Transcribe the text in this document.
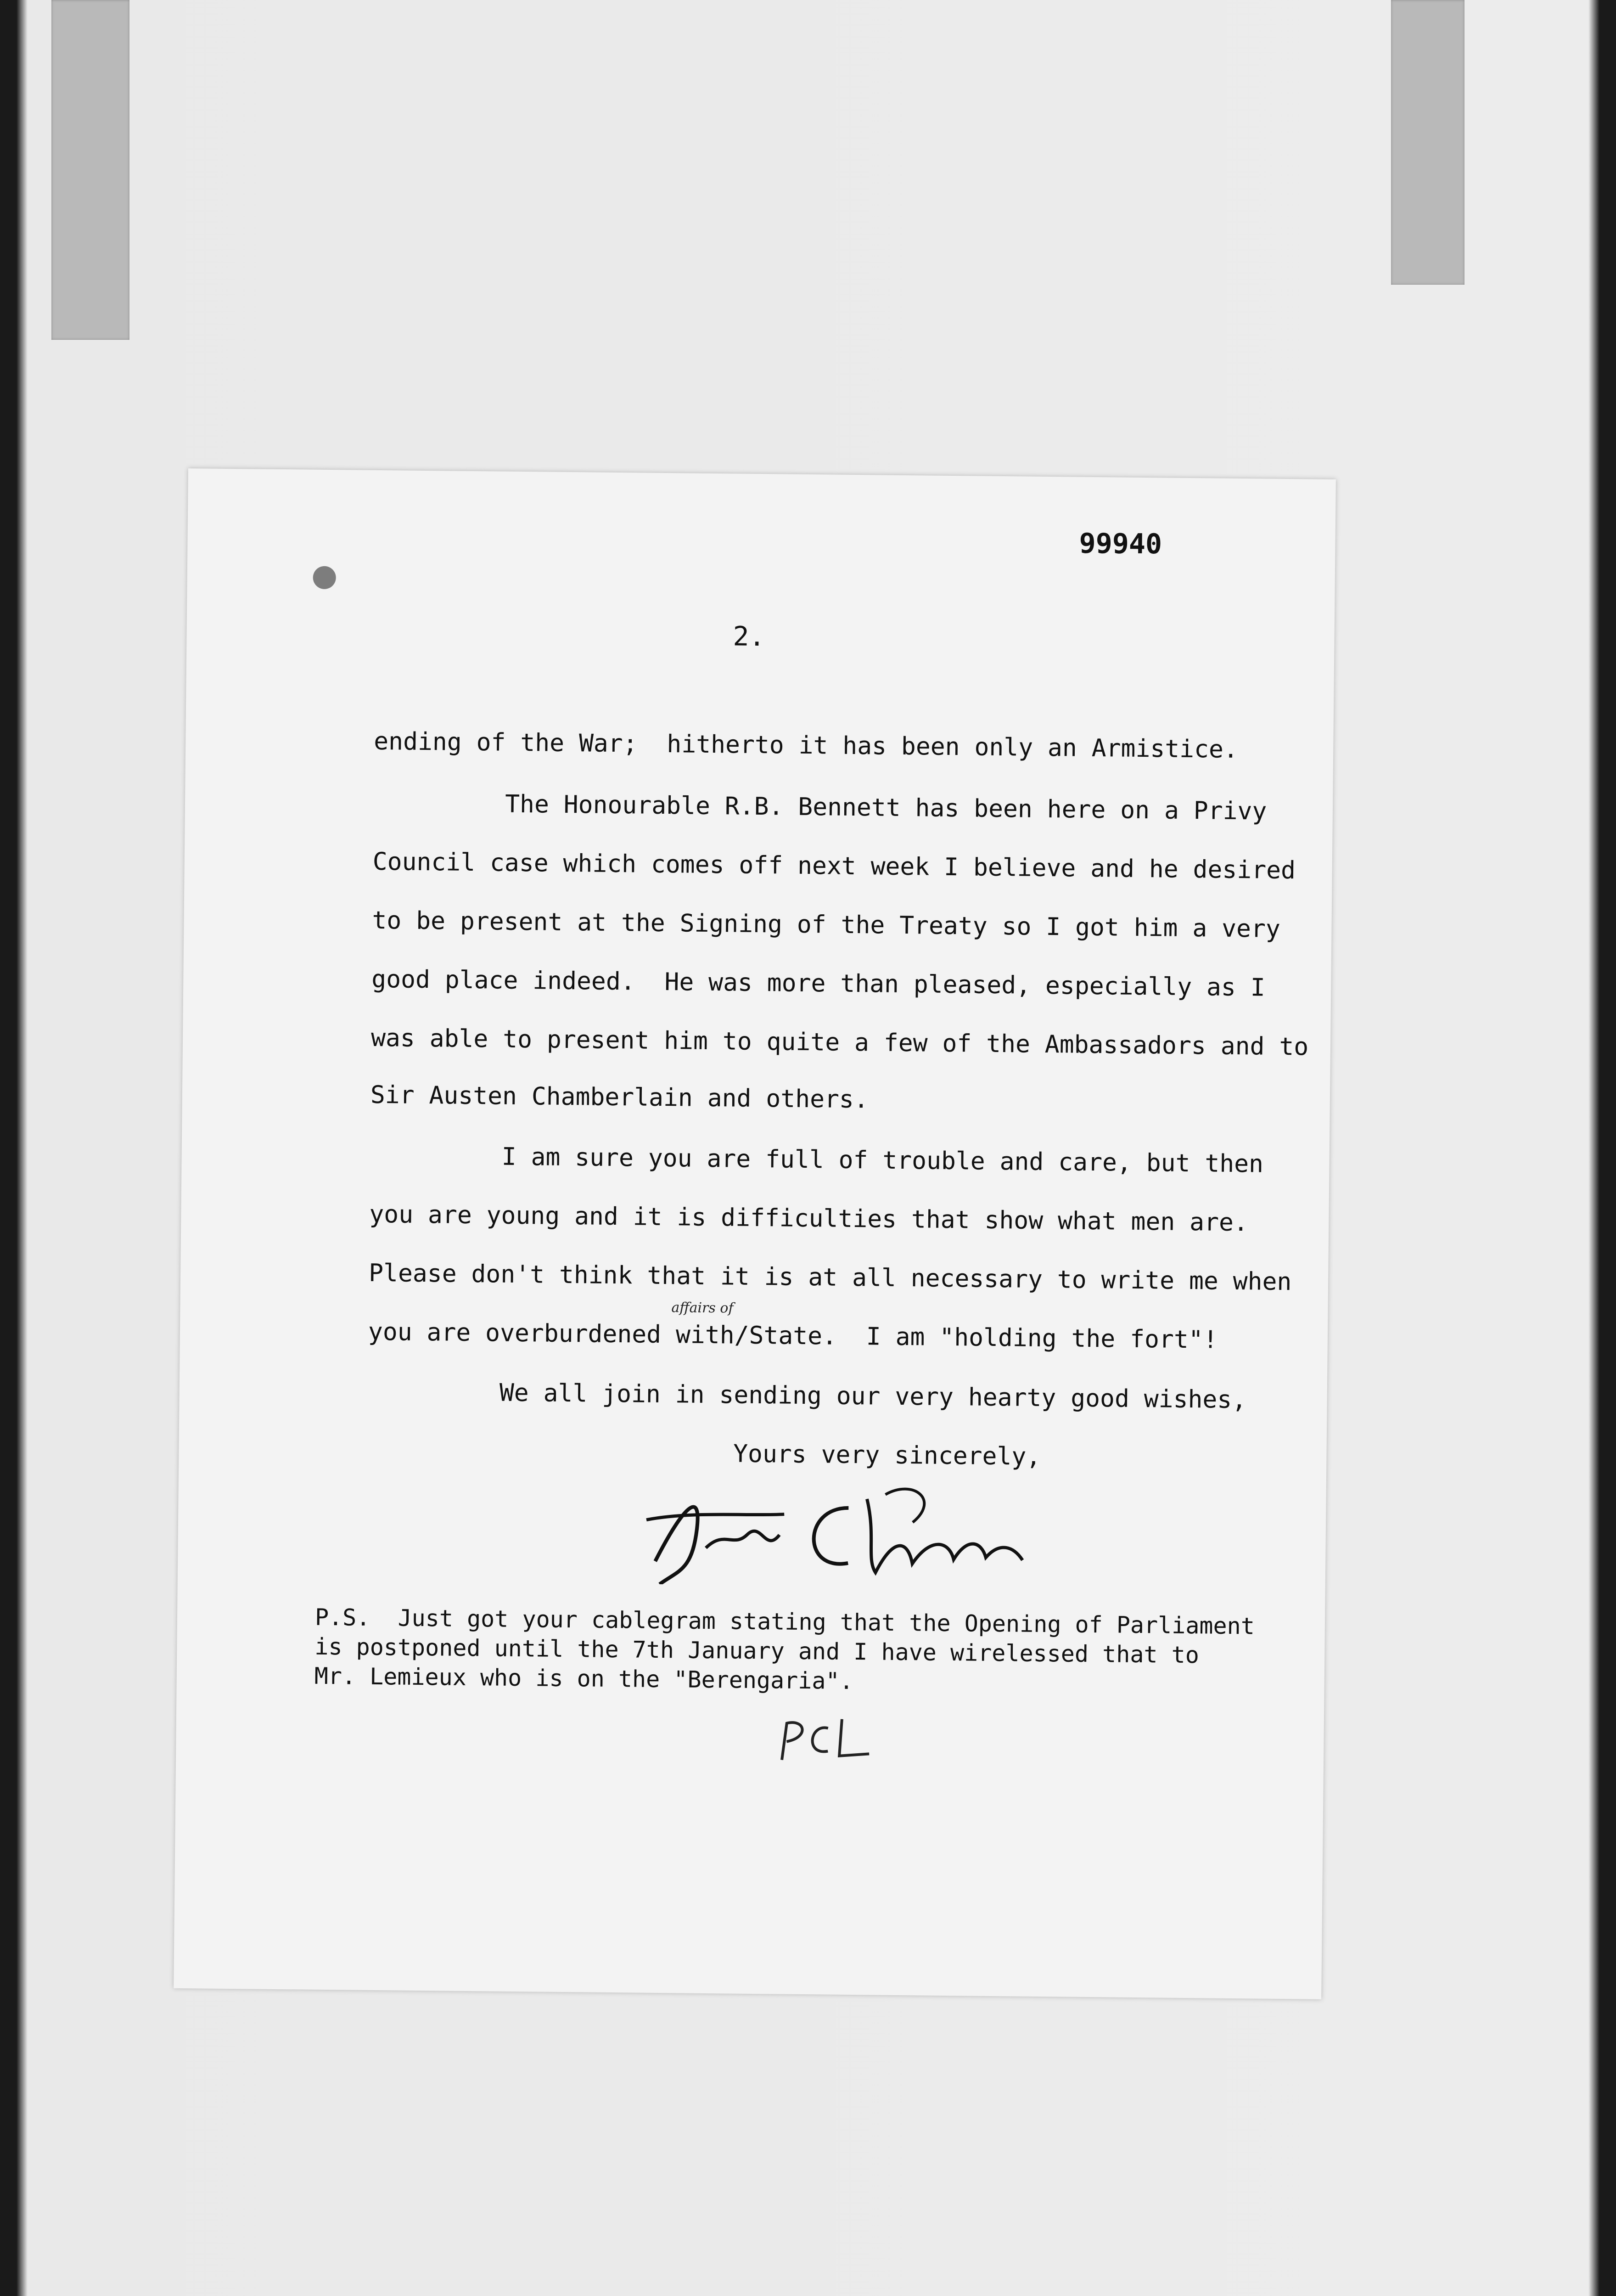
99940
2.
ending of the War;  hitherto it has been only an Armistice.
The Honourable R.B. Bennett has been here on a Privy
Council case which comes off next week I believe and he desired
to be present at the Signing of the Treaty so I got him a very
good place indeed.  He was more than pleased, especially as I
was able to present him to quite a few of the Ambassadors and to
Sir Austen Chamberlain and others.
I am sure you are full of trouble and care, but then
you are young and it is difficulties that show what men are.
Please don't think that it is at all necessary to write me when
you are overburdened with/State.  I am "holding the fort"!
affairs of
We all join in sending our very hearty good wishes,
Yours very sincerely,
P.S.  Just got your cablegram stating that the Opening of Parliament
is postponed until the 7th January and I have wirelessed that to
Mr. Lemieux who is on the "Berengaria".
